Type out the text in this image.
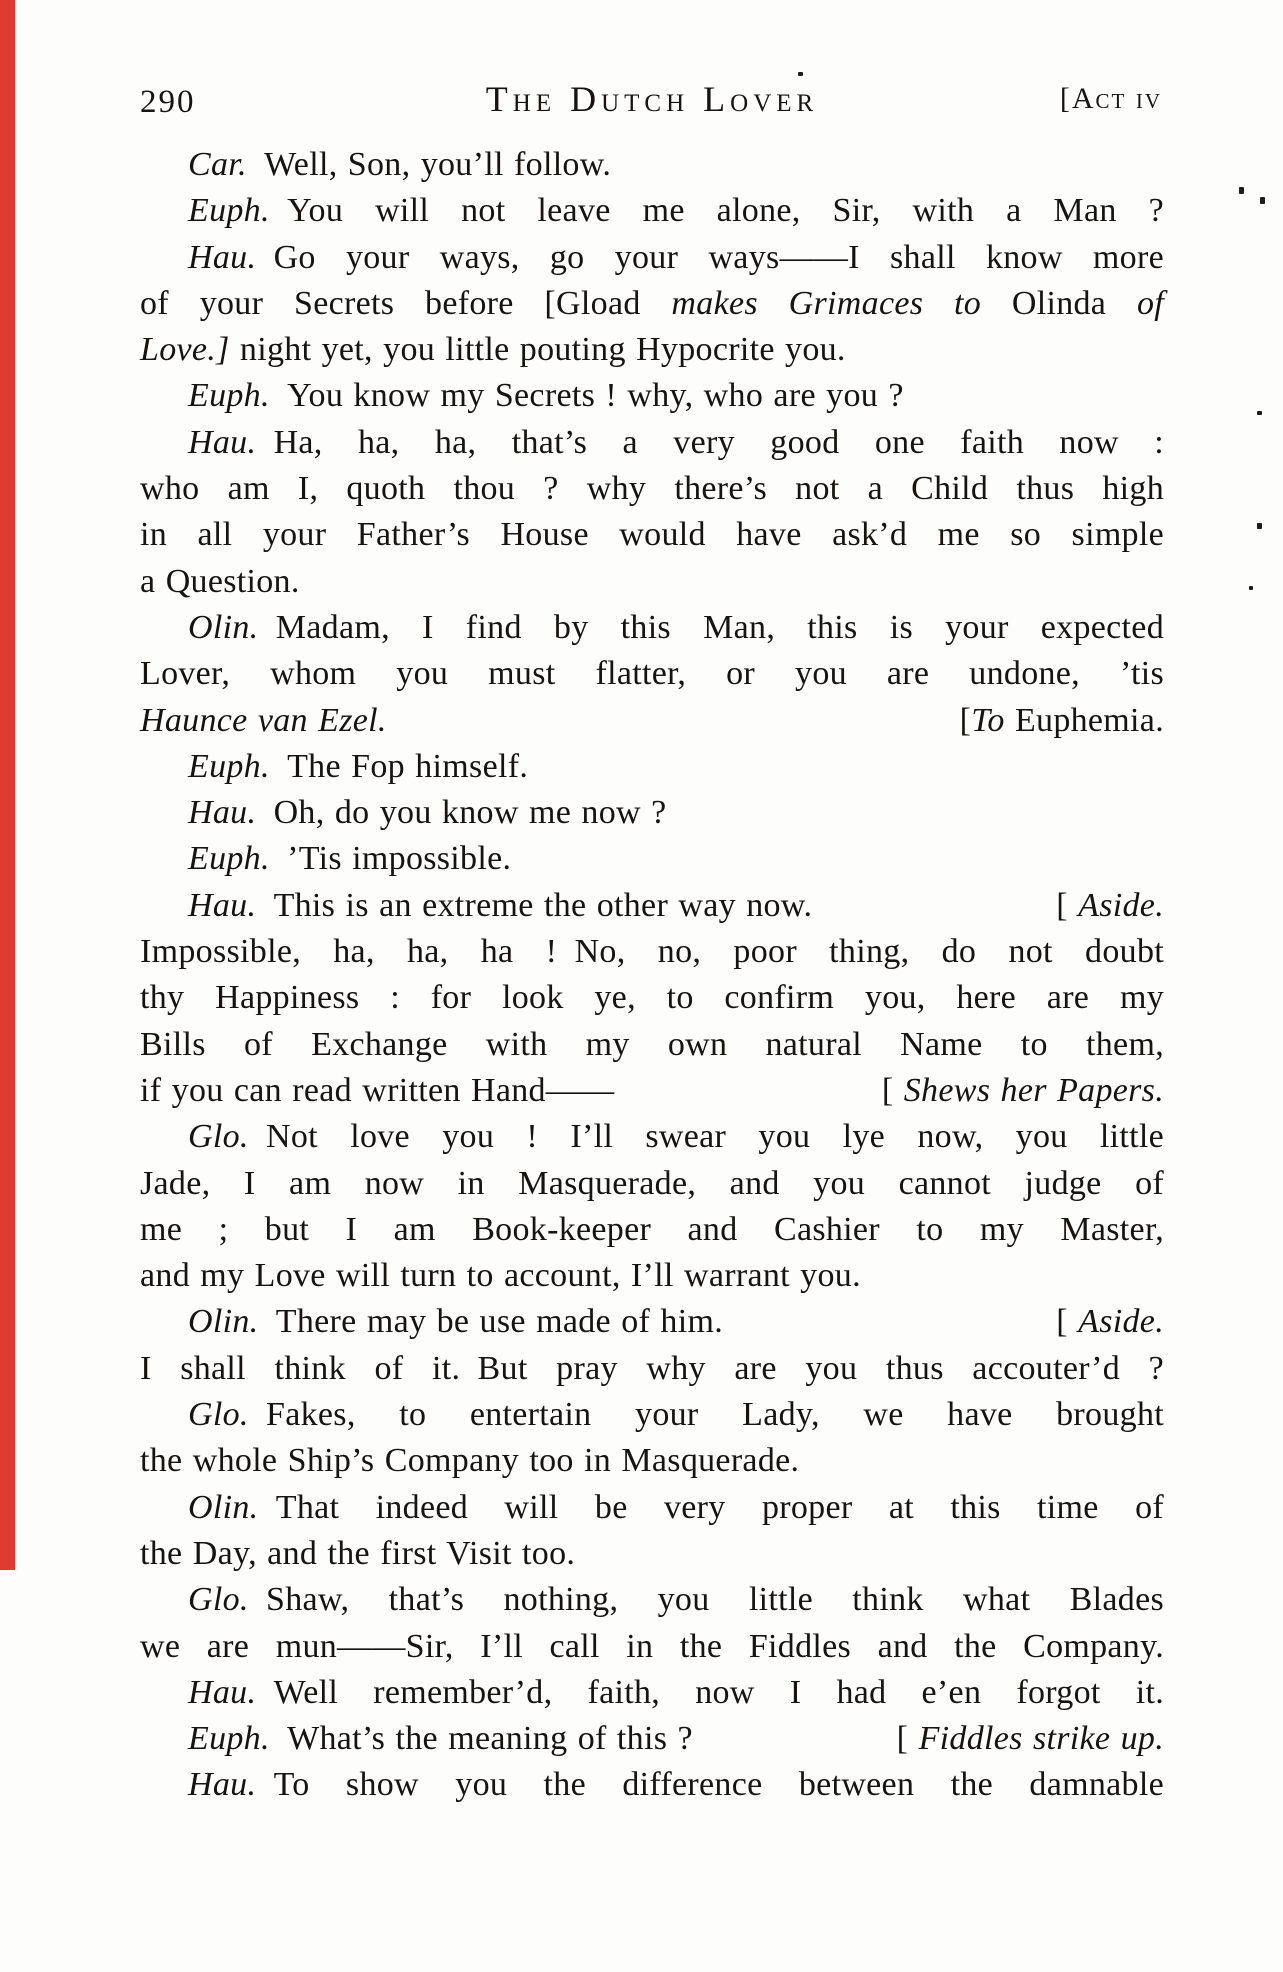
290	The Dutch Lover	[Act iv
Car. Well, Son, you’ll follow.
Euph. You will not leave me alone, Sir, with a Man ?
Hau. Go your ways, go your ways——I shall know more
of your Secrets before [Gload makes Grimaces to Olinda of
Love.] night yet, you little pouting Hypocrite you.
Euph. You know my Secrets ! why, who are you ?
Hau. Ha, ha, ha, that’s a very good one faith now :
who am I, quoth thou ? why there’s not a Child thus high
in all your Father’s House would have ask’d me so simple
a Question.
Olin. Madam, I find by this Man, this is your expected
Lover, whom you must flatter, or you are undone, ’tis
Haunce van Ezel.	[To Euphemia.
Euph. The Fop himself.
Hau. Oh, do you know me now ?
Euph. ’Tis impossible.
Hau. This is an extreme the other way now.	[ Aside.
Impossible, ha, ha, ha ! No, no, poor thing, do not doubt
thy Happiness : for look ye, to confirm you, here are my
Bills of Exchange with my own natural Name to them,
if you can read written Hand——	[ Shews her Papers.
Glo. Not love you ! I’ll swear you lye now, you little
Jade, I am now in Masquerade, and you cannot judge of
me ; but I am Book-keeper and Cashier to my Master,
and my Love will turn to account, I’ll warrant you.
Olin. There may be use made of him.	[ Aside.
I shall think of it. But pray why are you thus accouter’d ?
Glo. Fakes, to entertain your Lady, we have brought
the whole Ship’s Company too in Masquerade.
Olin. That indeed will be very proper at this time of
the Day, and the first Visit too.
Glo. Shaw, that’s nothing, you little think what Blades
we are mun——Sir, I’ll call in the Fiddles and the Company.
Hau. Well remember’d, faith, now I had e’en forgot it.
Euph. What’s the meaning of this ?	[ Fiddles strike up.
Hau. To show you the difference between the damnable
